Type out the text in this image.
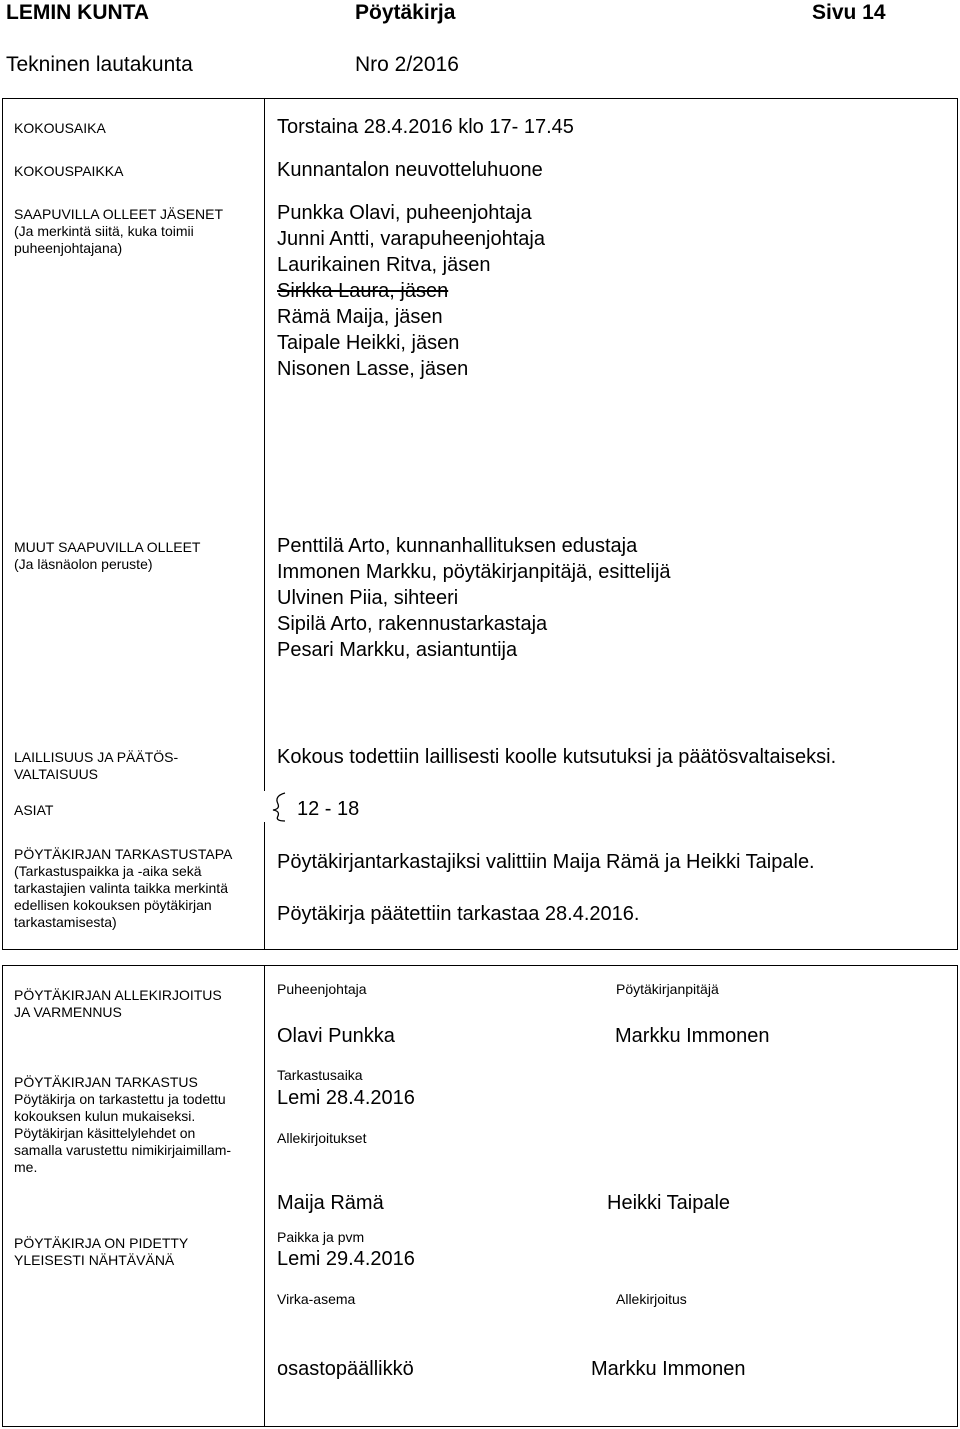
LEMIN KUNTA	Pöytäkirja	Sivu 14
Tekninen lautakunta	Nro 2/2016
KOKOUSAIKA	Torstaina 28.4.2016 klo 17- 17.45
KOKOUSPAIKKA	Kunnantalon neuvotteluhuone
SAAPUVILLA OLLEET JÄSENET
(Ja merkintä siitä, kuka toimii
puheenjohtajana)
Punkka Olavi, puheenjohtaja
Junni Antti, varapuheenjohtaja
Laurikainen Ritva, jäsen
Sirkka Laura, jäsen
Rämä Maija, jäsen
Taipale Heikki, jäsen
Nisonen Lasse, jäsen
MUUT SAAPUVILLA OLLEET
(Ja läsnäolon peruste)
Penttilä Arto, kunnanhallituksen edustaja
Immonen Markku, pöytäkirjanpitäjä, esittelijä
Ulvinen Piia, sihteeri
Sipilä Arto, rakennustarkastaja
Pesari Markku, asiantuntija
LAILLISUUS JA PÄÄTÖS-
VALTAISUUS
Kokous todettiin laillisesti koolle kutsutuksi ja päätösvaltaiseksi.
ASIAT	12 - 18
PÖYTÄKIRJAN TARKASTUSTAPA
(Tarkastuspaikka ja -aika sekä
tarkastajien valinta taikka merkintä
edellisen kokouksen pöytäkirjan
tarkastamisesta)
Pöytäkirjantarkastajiksi valittiin Maija Rämä ja Heikki Taipale.
Pöytäkirja päätettiin tarkastaa 28.4.2016.
PÖYTÄKIRJAN ALLEKIRJOITUS
JA VARMENNUS
Puheenjohtaja
Olavi Punkka
Pöytäkirjanpitäjä
Markku Immonen
PÖYTÄKIRJAN TARKASTUS
Pöytäkirja on tarkastettu ja todettu
kokouksen kulun mukaiseksi.
Pöytäkirjan käsittelylehdet on
samalla varustettu nimikirjaimillam-
me.
Tarkastusaika
Lemi 28.4.2016
Allekirjoitukset
Maija Rämä	Heikki Taipale
PÖYTÄKIRJA ON PIDETTY
YLEISESTI NÄHTÄVÄNÄ
Paikka ja pvm
Lemi 29.4.2016
Virka-asema	Allekirjoitus
osastopäällikkö	Markku Immonen
